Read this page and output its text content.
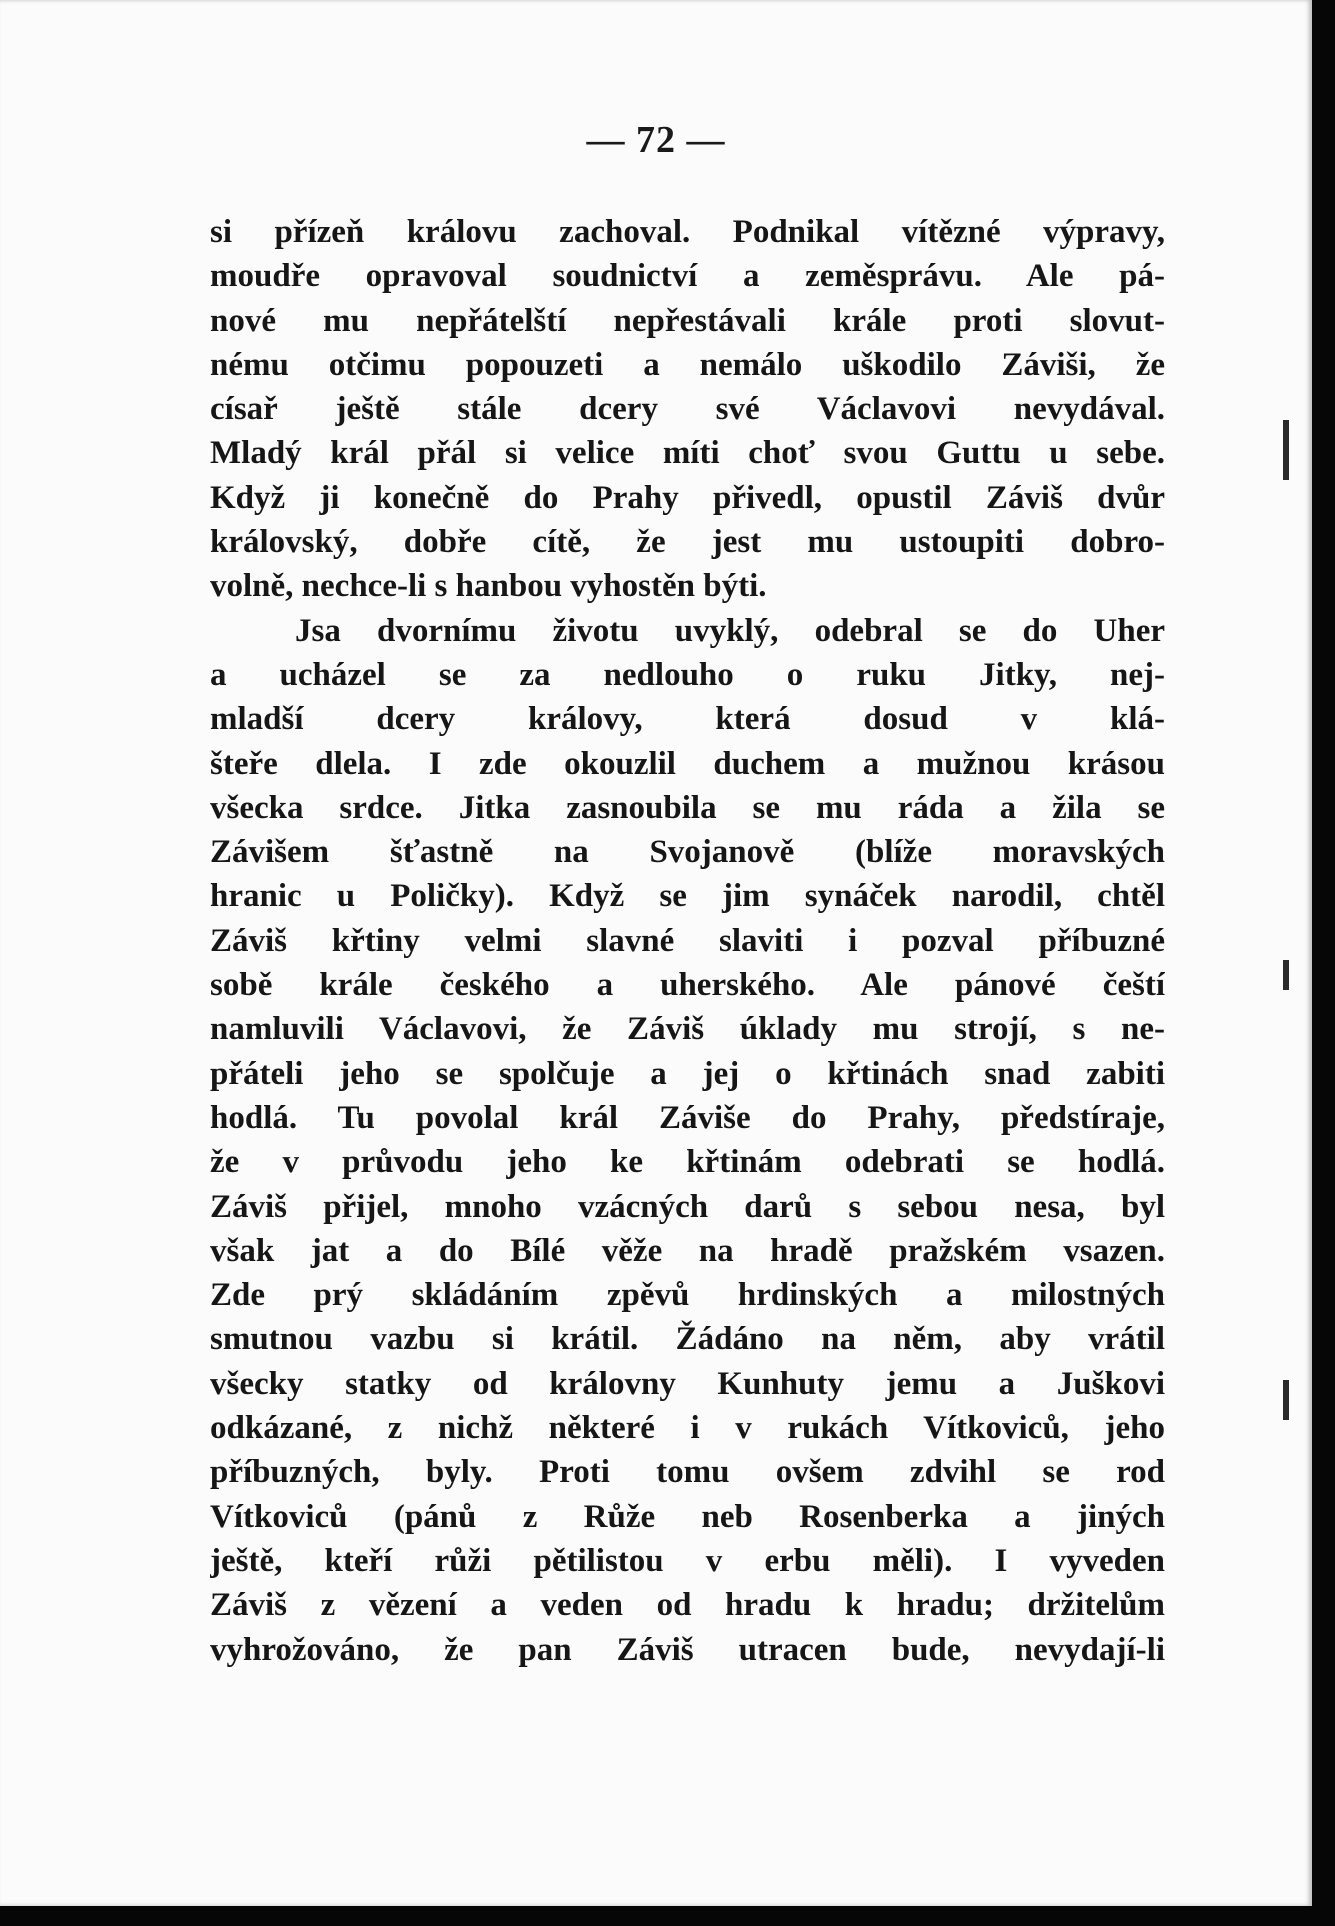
— 72 —
si přízeň královu zachoval. Podnikal vítězné výpravy,
moudře opravoval soudnictví a zeměsprávu. Ale pá-
nové mu nepřátelští nepřestávali krále proti slovut-
nému otčimu popouzeti a nemálo uškodilo Záviši, že
císař ještě stále dcery své Václavovi nevydával.
Mladý král přál si velice míti choť svou Guttu u sebe.
Když ji konečně do Prahy přivedl, opustil Záviš dvůr
královský, dobře cítě, že jest mu ustoupiti dobro-
volně, nechce-li s hanbou vyhostěn býti.
Jsa dvornímu životu uvyklý, odebral se do Uher
a ucházel se za nedlouho o ruku Jitky, nej-
mladší dcery královy, která dosud v klá-
šteře dlela. I zde okouzlil duchem a mužnou krásou
všecka srdce. Jitka zasnoubila se mu ráda a žila se
Závišem šťastně na Svojanově (blíže moravských
hranic u Poličky). Když se jim synáček narodil, chtěl
Záviš křtiny velmi slavné slaviti i pozval příbuzné
sobě krále českého a uherského. Ale pánové čeští
namluvili Václavovi, že Záviš úklady mu strojí, s ne-
přáteli jeho se spolčuje a jej o křtinách snad zabiti
hodlá. Tu povolal král Záviše do Prahy, předstíraje,
že v průvodu jeho ke křtinám odebrati se hodlá.
Záviš přijel, mnoho vzácných darů s sebou nesa, byl
však jat a do Bílé věže na hradě pražském vsazen.
Zde prý skládáním zpěvů hrdinských a milostných
smutnou vazbu si krátil. Žádáno na něm, aby vrátil
všecky statky od královny Kunhuty jemu a Juškovi
odkázané, z nichž některé i v rukách Vítkoviců, jeho
příbuzných, byly. Proti tomu ovšem zdvihl se rod
Vítkoviců (pánů z Růže neb Rosenberka a jiných
ještě, kteří růži pětilistou v erbu měli). I vyveden
Záviš z vězení a veden od hradu k hradu; držitelům
vyhrožováno, že pan Záviš utracen bude, nevydají-li
